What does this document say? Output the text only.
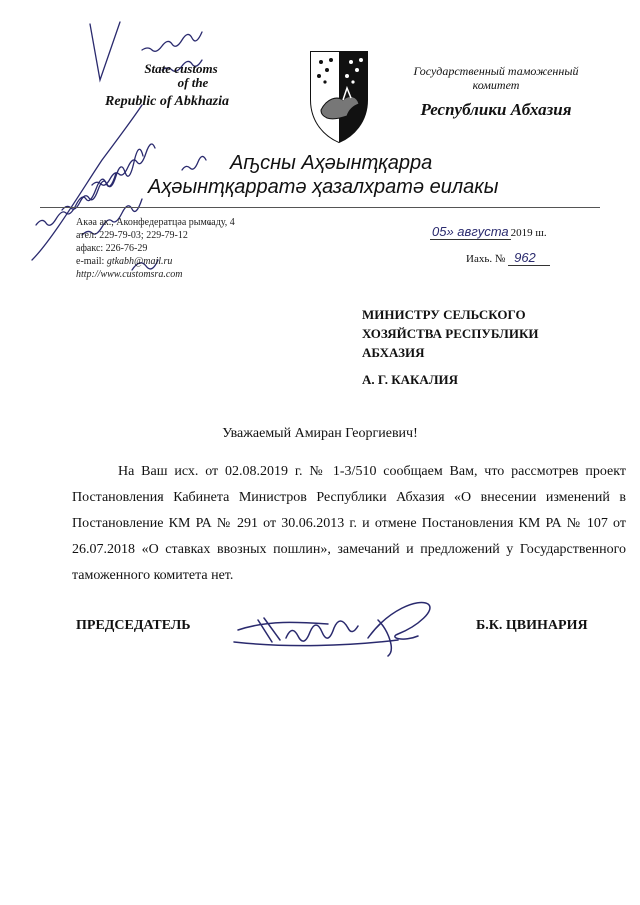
State customs
of the
Republic of Abkhazia
Государственный таможенный
комитет
Республики Абхазия
Аҧсны Аҳәынҭқарра
Аҳәынҭқарратә ҳазалхратә еилакы
Акәа ак., Аконфедератцәа рымҩаду, 4
ател: 229-79-03; 229-79-12
афакс: 226-76-29
e-mail: gtkabh@mail.ru
http://www.customsra.com
05» августа 2019 ш.
Иахь. № 962
МИНИСТРУ СЕЛЬСКОГО
ХОЗЯЙСТВА РЕСПУБЛИКИ
АБХАЗИЯ
А. Г. КАКАЛИЯ
Уважаемый Амиран Георгиевич!
На Ваш исх. от 02.08.2019 г. № 1-3/510 сообщаем Вам, что рассмотрев проект Постановления Кабинета Министров Республики Абхазия «О внесении изменений в Постановление КМ РА № 291 от 30.06.2013 г. и отмене Постановления КМ РА № 107 от 26.07.2018 «О ставках ввозных пошлин», замечаний и предложений у Государственного таможенного комитета нет.
ПРЕДСЕДАТЕЛЬ	Б.К. ЦВИНАРИЯ
